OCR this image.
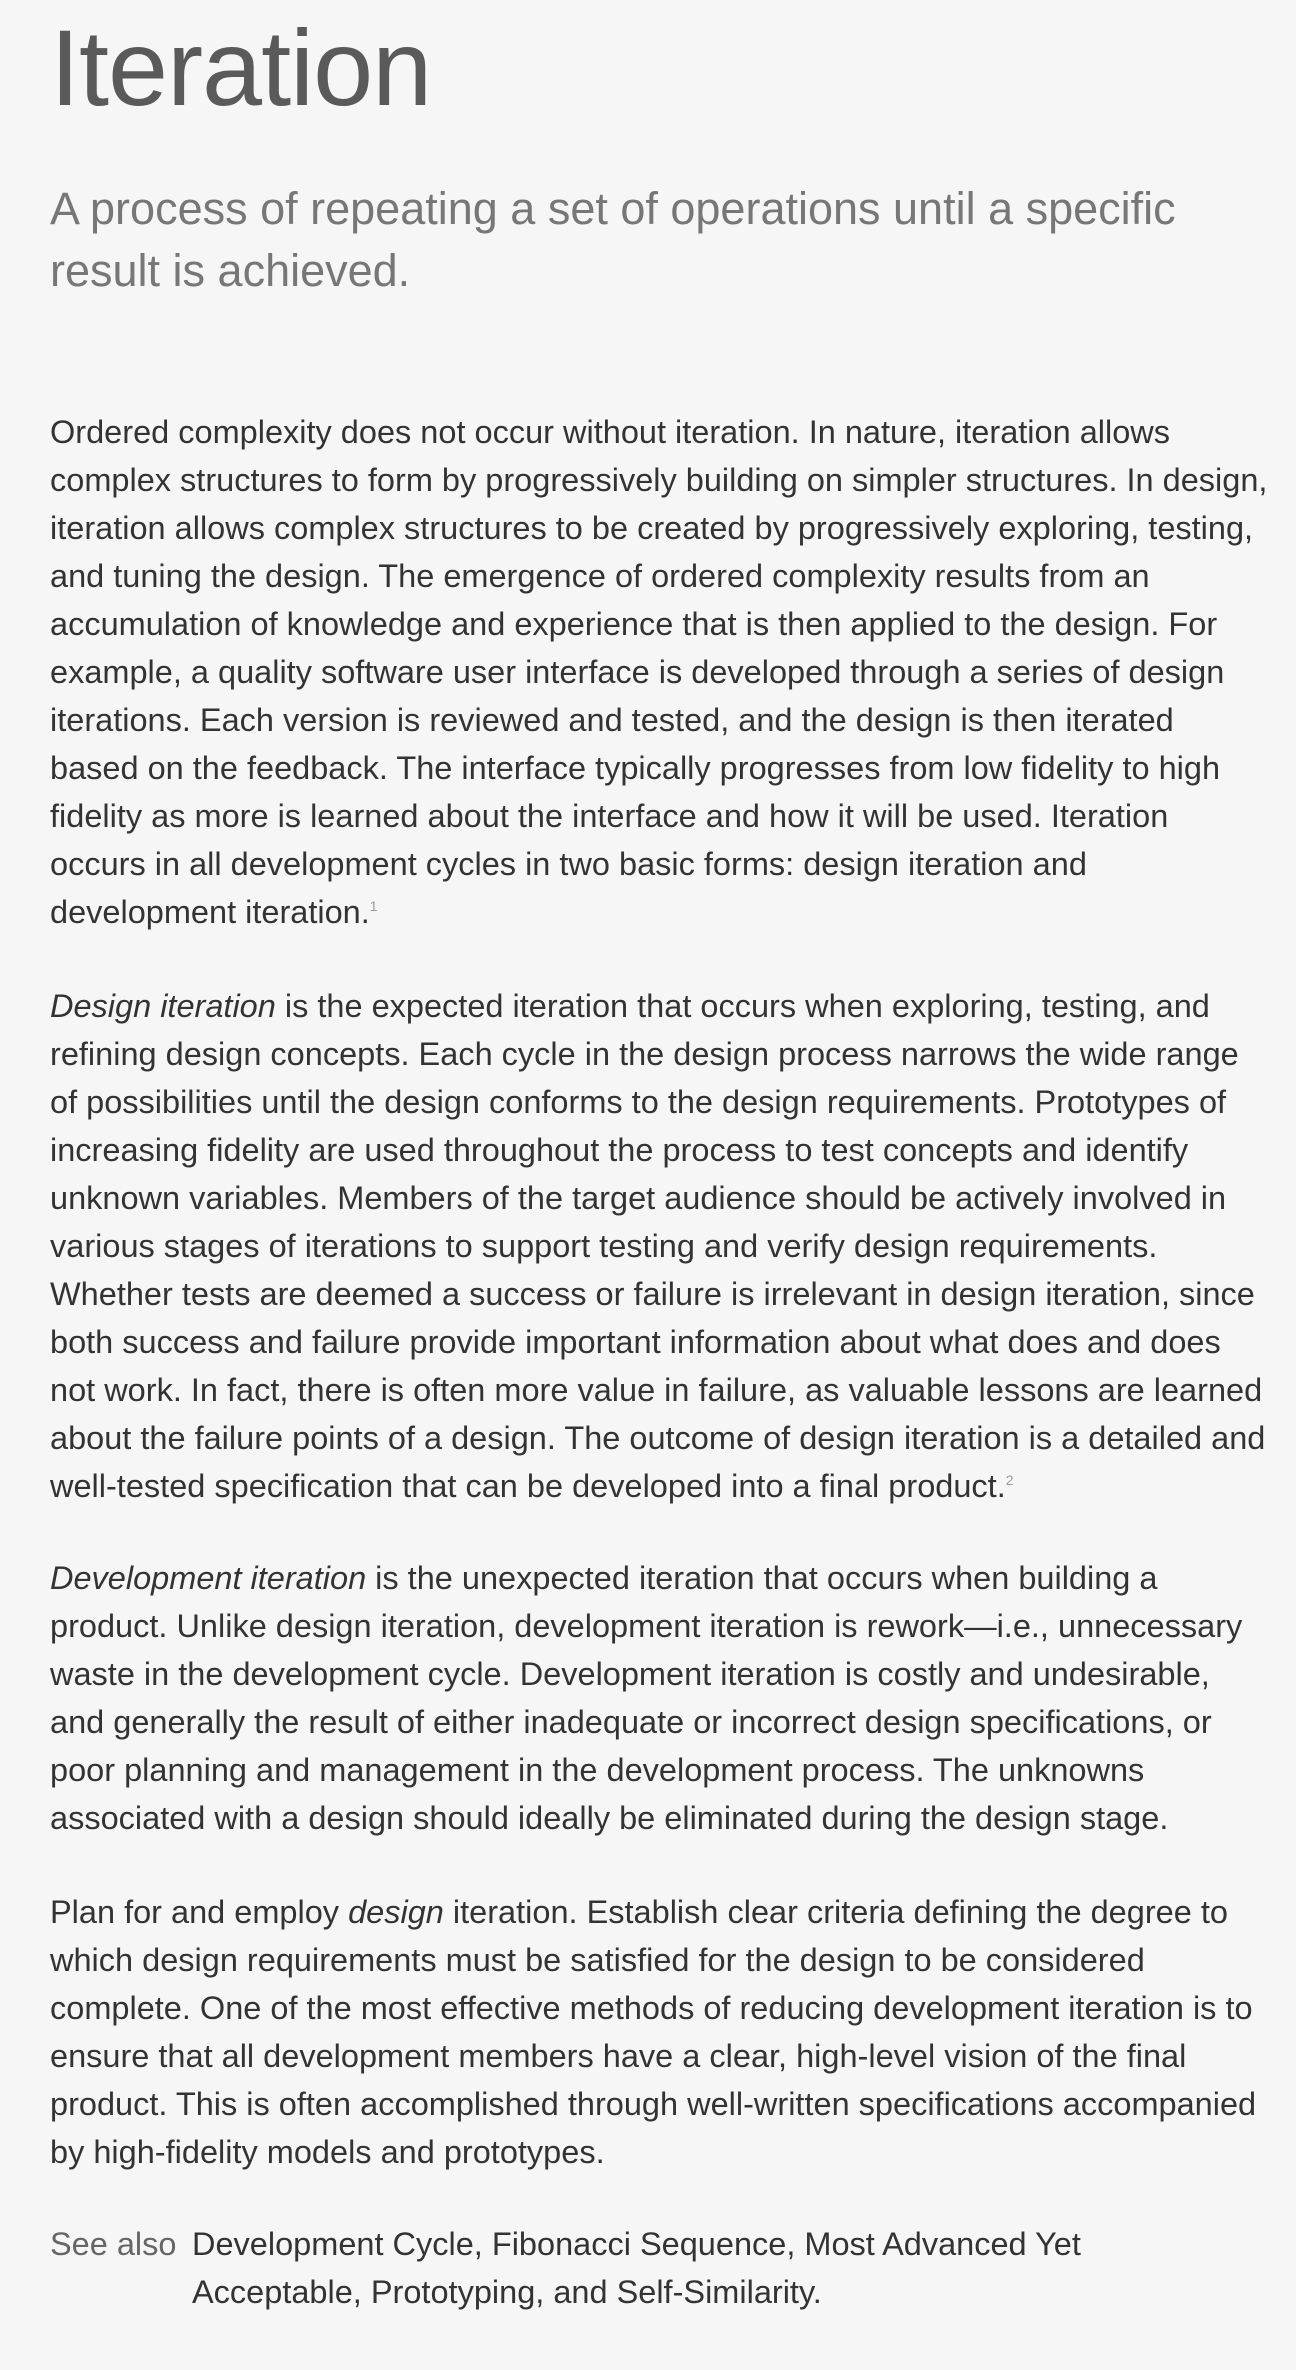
Iteration
A process of repeating a set of operations until a specific result is achieved.

Ordered complexity does not occur without iteration. In nature, iteration allows complex structures to form by progressively building on simpler structures. In design, iteration allows complex structures to be created by progressively exploring, testing, and tuning the design. The emergence of ordered complexity results from an accumulation of knowledge and experience that is then applied to the design. For example, a quality software user interface is developed through a series of design iterations. Each version is reviewed and tested, and the design is then iterated based on the feedback. The interface typically progresses from low fidelity to high fidelity as more is learned about the interface and how it will be used. Iteration occurs in all development cycles in two basic forms: design iteration and development iteration.$^1$

Design iteration is the expected iteration that occurs when exploring, testing, and refining design concepts. Each cycle in the design process narrows the wide range of possibilities until the design conforms to the design requirements. Prototypes of increasing fidelity are used throughout the process to test concepts and identify unknown variables. Members of the target audience should be actively involved in various stages of iterations to support testing and verify design requirements. Whether tests are deemed a success or failure is irrelevant in design iteration, since both success and failure provide important information about what does and does not work. In fact, there is often more value in failure, as valuable lessons are learned about the failure points of a design. The outcome of design iteration is a detailed and well-tested specification that can be developed into a final product.$^2$

Development iteration is the unexpected iteration that occurs when building a product. Unlike design iteration, development iteration is rework—i.e., unnecessary waste in the development cycle. Development iteration is costly and undesirable, and generally the result of either inadequate or incorrect design specifications, or poor planning and management in the development process. The unknowns associated with a design should ideally be eliminated during the design stage.

Plan for and employ design iteration. Establish clear criteria defining the degree to which design requirements must be satisfied for the design to be considered complete. One of the most effective methods of reducing development iteration is to ensure that all development members have a clear, high-level vision of the final product. This is often accomplished through well-written specifications accompanied by high-fidelity models and prototypes.

See also Development Cycle, Fibonacci Sequence, Most Advanced Yet Acceptable, Prototyping, and Self-Similarity.
